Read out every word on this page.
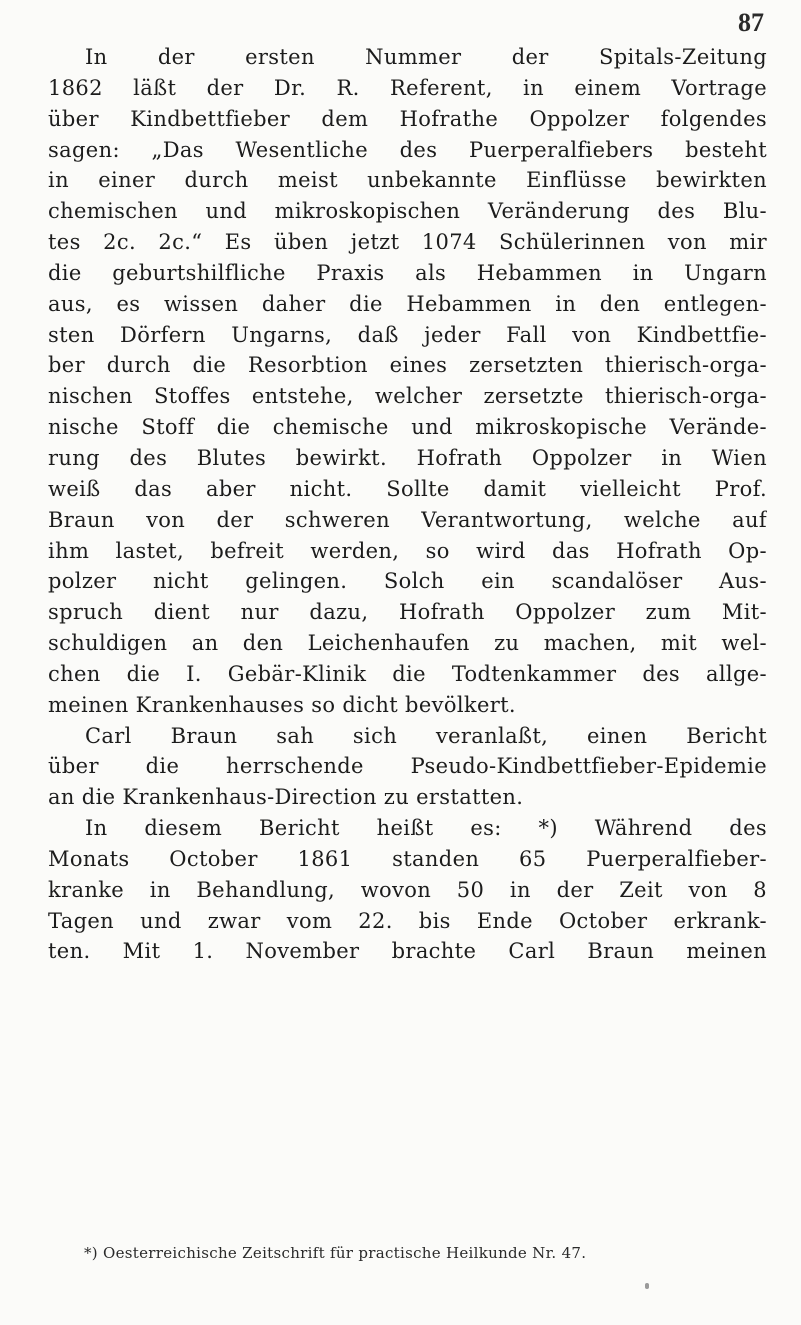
87
In der ersten Nummer der Spitals-Zeitung
1862 läßt der Dr. R. Referent, in einem Vortrage
über Kindbettfieber dem Hofrathe Oppolzer folgendes
sagen: „Das Wesentliche des Puerperalfiebers besteht
in einer durch meist unbekannte Einflüsse bewirkten
chemischen und mikroskopischen Veränderung des Blu-
tes 2c. 2c.“ Es üben jetzt 1074 Schülerinnen von mir
die geburtshilfliche Praxis als Hebammen in Ungarn
aus, es wissen daher die Hebammen in den entlegen-
sten Dörfern Ungarns, daß jeder Fall von Kindbettfie-
ber durch die Resorbtion eines zersetzten thierisch-orga-
nischen Stoffes entstehe, welcher zersetzte thierisch-orga-
nische Stoff die chemische und mikroskopische Verände-
rung des Blutes bewirkt. Hofrath Oppolzer in Wien
weiß das aber nicht. Sollte damit vielleicht Prof.
Braun von der schweren Verantwortung, welche auf
ihm lastet, befreit werden, so wird das Hofrath Op-
polzer nicht gelingen. Solch ein scandalöser Aus-
spruch dient nur dazu, Hofrath Oppolzer zum Mit-
schuldigen an den Leichenhaufen zu machen, mit wel-
chen die I. Gebär-Klinik die Todtenkammer des allge-
meinen Krankenhauses so dicht bevölkert.
Carl Braun sah sich veranlaßt, einen Bericht
über die herrschende Pseudo-Kindbettfieber-Epidemie
an die Krankenhaus-Direction zu erstatten.
In diesem Bericht heißt es: *) Während des
Monats October 1861 standen 65 Puerperalfieber-
kranke in Behandlung, wovon 50 in der Zeit von 8
Tagen und zwar vom 22. bis Ende October erkrank-
ten. Mit 1. November brachte Carl Braun meinen
*) Oesterreichische Zeitschrift für practische Heilkunde Nr. 47.
